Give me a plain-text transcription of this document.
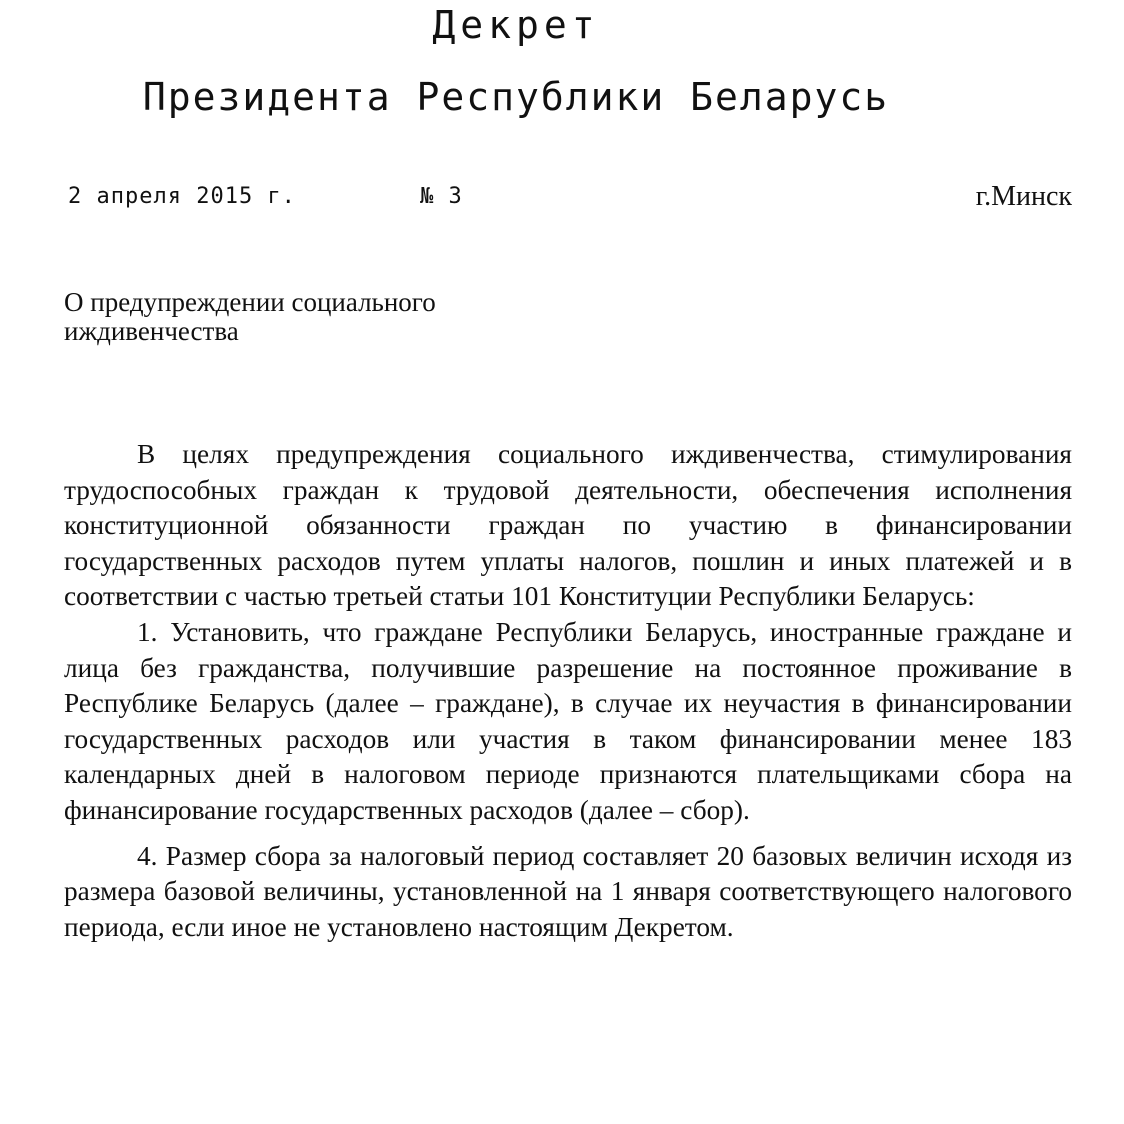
Декрет
Президента Республики Беларусь
2 апреля 2015 г.	№ 3	г.Минск
О предупреждении социального
иждивенчества

В целях предупреждения социального иждивенчества, стимулирования трудоспособных граждан к трудовой деятельности, обеспечения исполнения конституционной обязанности граждан по участию в финансировании государственных расходов путем уплаты налогов, пошлин и иных платежей и в соответствии с частью третьей статьи 101 Конституции Республики Беларусь:

1. Установить, что граждане Республики Беларусь, иностранные граждане и лица без гражданства, получившие разрешение на постоянное проживание в Республике Беларусь (далее – граждане), в случае их неучастия в финансировании государственных расходов или участия в таком финансировании менее 183 календарных дней в налоговом периоде признаются плательщиками сбора на финансирование государственных расходов (далее – сбор).

4. Размер сбора за налоговый период составляет 20 базовых величин исходя из размера базовой величины, установленной на 1 января соответствующего налогового периода, если иное не установлено настоящим Декретом.
